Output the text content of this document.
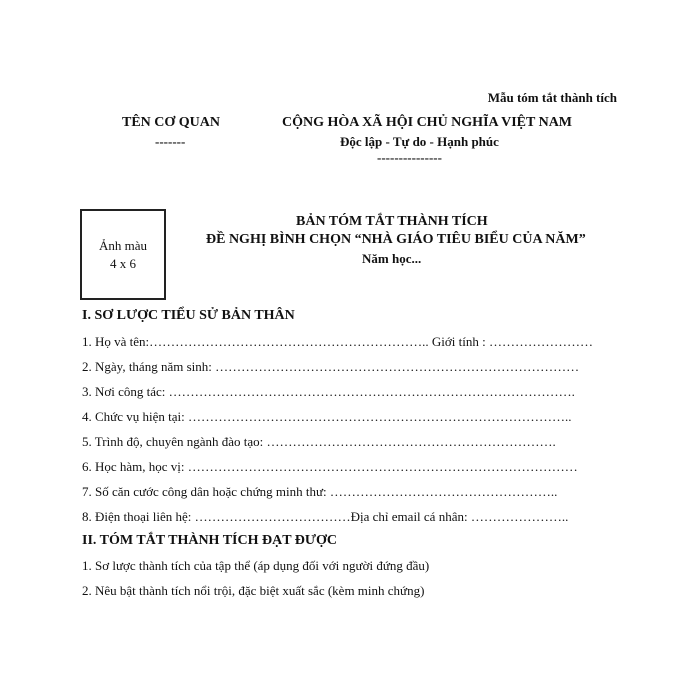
Mẫu tóm tắt thành tích
TÊN CƠ QUAN
-------
CỘNG HÒA XÃ HỘI CHỦ NGHĨA VIỆT NAM
Độc lập - Tự do - Hạnh phúc
---------------
Ảnh màu
4 x 6
BẢN TÓM TẮT THÀNH TÍCH
ĐỀ NGHỊ BÌNH CHỌN “NHÀ GIÁO TIÊU BIỂU CỦA NĂM”
Năm học...
I. SƠ LƯỢC TIỂU SỬ BẢN THÂN
1. Họ và tên:……………………………………………………….. Giới tính : ……………………
2. Ngày, tháng năm sinh: …………………………………………………………………………
3. Nơi công tác: ………………………………………………………………………………….
4. Chức vụ hiện tại: ……………………………………………………………………………..
5. Trình độ, chuyên ngành đào tạo: ………………………………………………………….
6. Học hàm, học vị: ………………………………………………………………………………
7. Số căn cước công dân hoặc chứng minh thư: ……………………………………………..
8. Điện thoại liên hệ: ………………………………Địa chỉ email cá nhân: …………………..
II. TÓM TẮT THÀNH TÍCH ĐẠT ĐƯỢC
1. Sơ lược thành tích của tập thể (áp dụng đối với người đứng đầu)
2. Nêu bật thành tích nổi trội, đặc biệt xuất sắc (kèm minh chứng)
